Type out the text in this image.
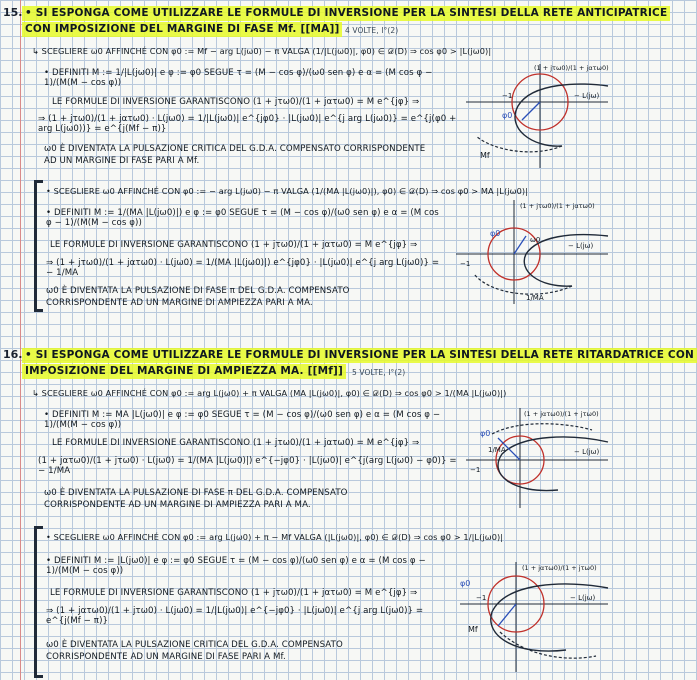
15. • SI ESPONGA COME UTILIZZARE LE FORMULE DI INVERSIONE PER LA SINTESI DELLA RETE ANTICIPATRICE
CON IMPOSIZIONE DEL MARGINE DI FASE Mf. [[MA]] 4 VOLTE, I°(2)
↳ SCEGLIERE ω0 AFFINCHÉ CON φ0 := Mf − arg L(jω0) − π VALGA (1/|L(jω0)|, φ0) ∈ 𝒟(D) ⇒ cos φ0 > |L(jω0)|
• DEFINITI M := 1/|L(jω0)| e φ := φ0 SEGUE τ = (M − cos φ)/(ω0 sen φ) e α = (M cos φ − 1)/(M(M − cos φ))
LE FORMULE DI INVERSIONE GARANTISCONO (1 + jτω0)/(1 + jατω0) = M e^{jφ} ⇒
⇒ (1 + jτω0)/(1 + jατω0) · L(jω0) = 1/|L(jω0)| e^{jφ0} · |L(jω0)| e^{j arg L(jω0)} = e^{j(φ0 + arg L(jω0))} = e^{j(Mf − π)}
ω0 È DIVENTATA LA PULSAZIONE CRITICA DEL G.D.A. COMPENSATO CORRISPONDENTE
AD UN MARGINE DI FASE PARI A Mf.
φ0
Mf
(1 + jτω0)/(1 + jατω0)
− L(jω)
−1
• SCEGLIERE ω0 AFFINCHÉ CON φ0 := − arg L(jω0) − π VALGA (1/(MA |L(jω0)|), φ0) ∈ 𝒟(D) ⇒ cos φ0 > MA |L(jω0)|
• DEFINITI M := 1/(MA |L(jω0)|) e φ := φ0 SEGUE τ = (M − cos φ)/(ω0 sen φ) e α = (M cos φ − 1)/(M(M − cos φ))
LE FORMULE DI INVERSIONE GARANTISCONO (1 + jτω0)/(1 + jατω0) = M e^{jφ} ⇒
⇒ (1 + jτω0)/(1 + jατω0) · L(jω0) = 1/(MA |L(jω0)|) e^{jφ0} · |L(jω0)| e^{j arg L(jω0)} = − 1/MA
ω0 È DIVENTATA LA PULSAZIONE DI FASE π DEL G.D.A. COMPENSATO
CORRISPONDENTE AD UN MARGINE DI AMPIEZZA PARI A MA.
φ0
ω0
(1 + jτω0)/(1 + jατω0)
− L(jω)
−1
1/MA
16. • SI ESPONGA COME UTILIZZARE LE FORMULE DI INVERSIONE PER LA SINTESI DELLA RETE RITARDATRICE CON
IMPOSIZIONE DEL MARGINE DI AMPIEZZA MA. [[Mf]]	5 VOLTE, I°(2)
↳ SCEGLIERE ω0 AFFINCHÉ CON φ0 := arg L(jω0) + π VALGA (MA |L(jω0)|, φ0) ∈ 𝒟(D) ⇒ cos φ0 > 1/(MA |L(jω0)|)
• DEFINITI M := MA |L(jω0)| e φ := φ0 SEGUE τ = (M − cos φ)/(ω0 sen φ) e α = (M cos φ − 1)/(M(M − cos φ))
LE FORMULE DI INVERSIONE GARANTISCONO (1 + jτω0)/(1 + jατω0) = M e^{jφ} ⇒
(1 + jατω0)/(1 + jτω0) · L(jω0) = 1/(MA |L(jω0)|) e^{−jφ0} · |L(jω0)| e^{j(arg L(jω0) − φ0)} = − 1/MA
ω0 È DIVENTATA LA PULSAZIONE DI FASE π DEL G.D.A. COMPENSATO
CORRISPONDENTE AD UN MARGINE DI AMPIEZZA PARI A MA.
φ0
1/MA
(1 + jατω0)/(1 + jτω0)
− L(jω)
−1
• SCEGLIERE ω0 AFFINCHÉ CON φ0 := arg L(jω0) + π − Mf VALGA (|L(jω0)|, φ0) ∈ 𝒟(D) ⇒ cos φ0 > 1/|L(jω0)|
• DEFINITI M := |L(jω0)| e φ := φ0 SEGUE τ = (M − cos φ)/(ω0 sen φ) e α = (M cos φ − 1)/(M(M − cos φ))
LE FORMULE DI INVERSIONE GARANTISCONO (1 + jτω0)/(1 + jατω0) = M e^{jφ} ⇒
⇒ (1 + jατω0)/(1 + jτω0) · L(jω0) = 1/|L(jω0)| e^{−jφ0} · |L(jω0)| e^{j arg L(jω0)} = e^{j(Mf − π)}
ω0 È DIVENTATA LA PULSAZIONE CRITICA DEL G.D.A. COMPENSATO
CORRISPONDENTE AD UN MARGINE DI FASE PARI A Mf.
φ0
Mf
(1 + jατω0)/(1 + jτω0)
− L(jω)
−1
